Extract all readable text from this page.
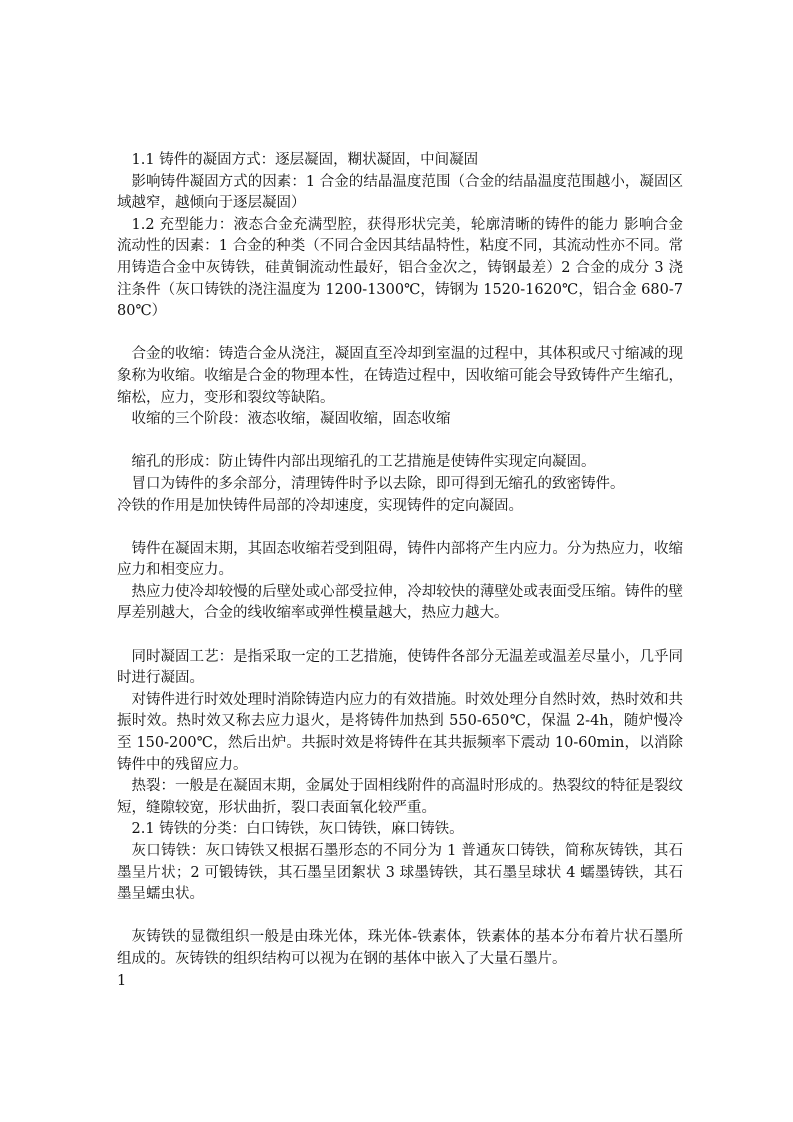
1.1 铸件的凝固方式：逐层凝固，糊状凝固，中间凝固

影响铸件凝固方式的因素：1 合金的结晶温度范围（合金的结晶温度范围越小，凝固区域越窄，越倾向于逐层凝固）

1.2 充型能力：液态合金充满型腔，获得形状完美，轮廓清晰的铸件的能力 影响合金流动性的因素：1 合金的种类（不同合金因其结晶特性，粘度不同，其流动性亦不同。常用铸造合金中灰铸铁，硅黄铜流动性最好，铝合金次之，铸钢最差）2 合金的成分 3 浇注条件（灰口铸铁的浇注温度为 1200-1300℃，铸钢为 1520-1620℃，铝合金 680-780℃）

合金的收缩：铸造合金从浇注，凝固直至冷却到室温的过程中，其体积或尺寸缩减的现象称为收缩。收缩是合金的物理本性，在铸造过程中，因收缩可能会导致铸件产生缩孔，缩松，应力，变形和裂纹等缺陷。

收缩的三个阶段：液态收缩，凝固收缩，固态收缩

缩孔的形成：防止铸件内部出现缩孔的工艺措施是使铸件实现定向凝固。

冒口为铸件的多余部分，清理铸件时予以去除，即可得到无缩孔的致密铸件。

冷铁的作用是加快铸件局部的冷却速度，实现铸件的定向凝固。

铸件在凝固末期，其固态收缩若受到阻碍，铸件内部将产生内应力。分为热应力，收缩应力和相变应力。

热应力使冷却较慢的后壁处或心部受拉伸，冷却较快的薄壁处或表面受压缩。铸件的壁厚差别越大，合金的线收缩率或弹性模量越大，热应力越大。

同时凝固工艺：是指采取一定的工艺措施，使铸件各部分无温差或温差尽量小，几乎同时进行凝固。

对铸件进行时效处理时消除铸造内应力的有效措施。时效处理分自然时效，热时效和共振时效。热时效又称去应力退火，是将铸件加热到 550-650℃，保温 2-4h，随炉慢冷至 150-200℃，然后出炉。共振时效是将铸件在其共振频率下震动 10-60min，以消除铸件中的残留应力。

热裂：一般是在凝固末期，金属处于固相线附件的高温时形成的。热裂纹的特征是裂纹短，缝隙较宽，形状曲折，裂口表面氧化较严重。

2.1 铸铁的分类：白口铸铁，灰口铸铁，麻口铸铁。

灰口铸铁：灰口铸铁又根据石墨形态的不同分为 1 普通灰口铸铁，简称灰铸铁，其石墨呈片状；2 可锻铸铁，其石墨呈团絮状 3 球墨铸铁，其石墨呈球状 4 蠕墨铸铁，其石墨呈蠕虫状。

灰铸铁的显微组织一般是由珠光体，珠光体-铁素体，铁素体的基本分布着片状石墨所组成的。灰铸铁的组织结构可以视为在钢的基体中嵌入了大量石墨片。

1
